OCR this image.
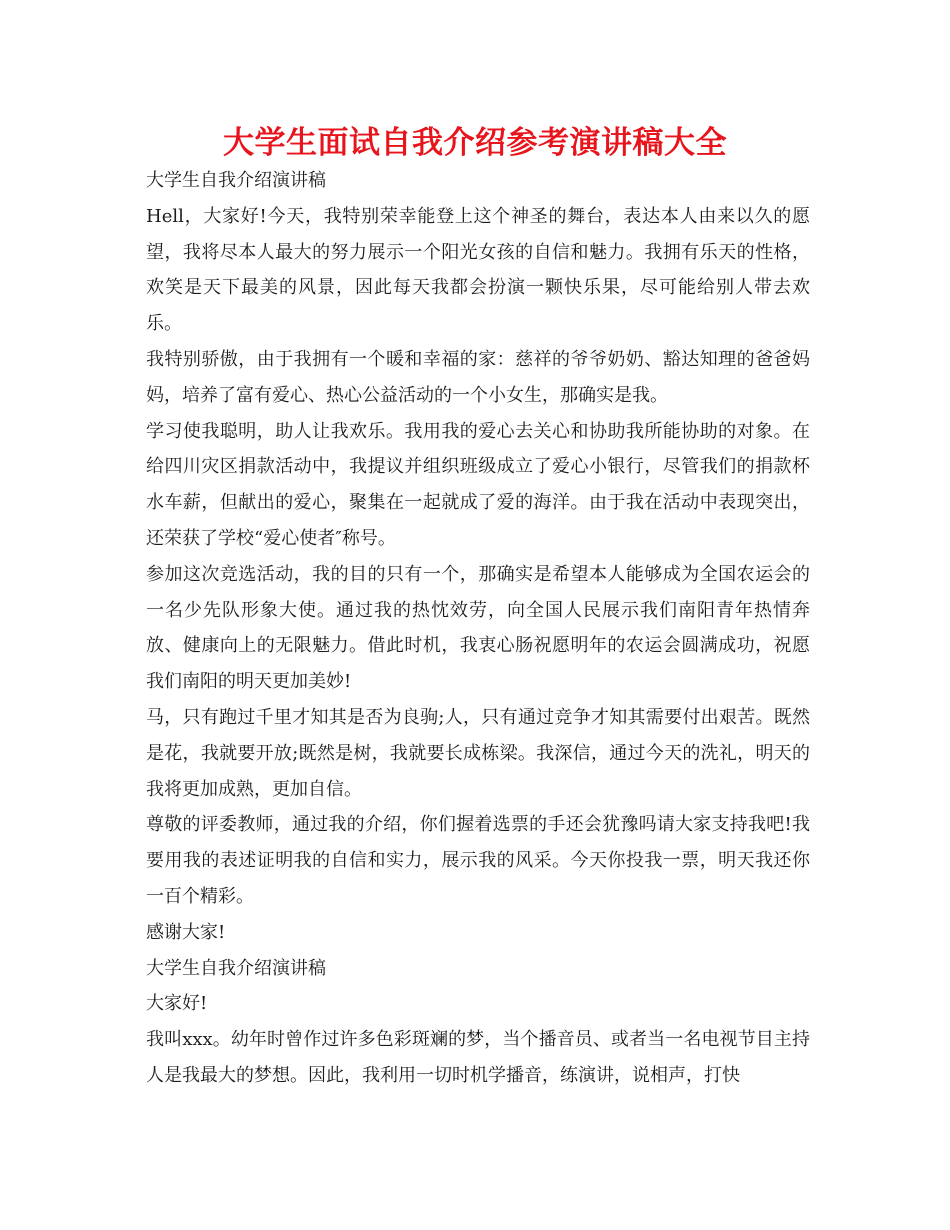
大学生面试自我介绍参考演讲稿大全

大学生自我介绍演讲稿

Hell，大家好!今天，我特别荣幸能登上这个神圣的舞台，表达本人由来以久的愿望，我将尽本人最大的努力展示一个阳光女孩的自信和魅力。我拥有乐天的性格，欢笑是天下最美的风景，因此每天我都会扮演一颗快乐果，尽可能给别人带去欢乐。

我特别骄傲，由于我拥有一个暖和幸福的家：慈祥的爷爷奶奶、豁达知理的爸爸妈妈，培养了富有爱心、热心公益活动的一个小女生，那确实是我。

学习使我聪明，助人让我欢乐。我用我的爱心去关心和协助我所能协助的对象。在给四川灾区捐款活动中，我提议并组织班级成立了爱心小银行，尽管我们的捐款杯水车薪，但献出的爱心，聚集在一起就成了爱的海洋。由于我在活动中表现突出，还荣获了学校“爱心使者″称号。

参加这次竞选活动，我的目的只有一个，那确实是希望本人能够成为全国农运会的一名少先队形象大使。通过我的热忱效劳，向全国人民展示我们南阳青年热情奔放、健康向上的无限魅力。借此时机，我衷心肠祝愿明年的农运会圆满成功，祝愿我们南阳的明天更加美妙!

马，只有跑过千里才知其是否为良驹;人，只有通过竞争才知其需要付出艰苦。既然是花，我就要开放;既然是树，我就要长成栋梁。我深信，通过今天的洗礼，明天的我将更加成熟，更加自信。

尊敬的评委教师，通过我的介绍，你们握着选票的手还会犹豫吗请大家支持我吧!我要用我的表述证明我的自信和实力，展示我的风采。今天你投我一票，明天我还你一百个精彩。

感谢大家!

大学生自我介绍演讲稿

大家好!

我叫xxx。幼年时曾作过许多色彩斑斓的梦，当个播音员、或者当一名电视节目主持人是我最大的梦想。因此，我利用一切时机学播音，练演讲，说相声，打快
